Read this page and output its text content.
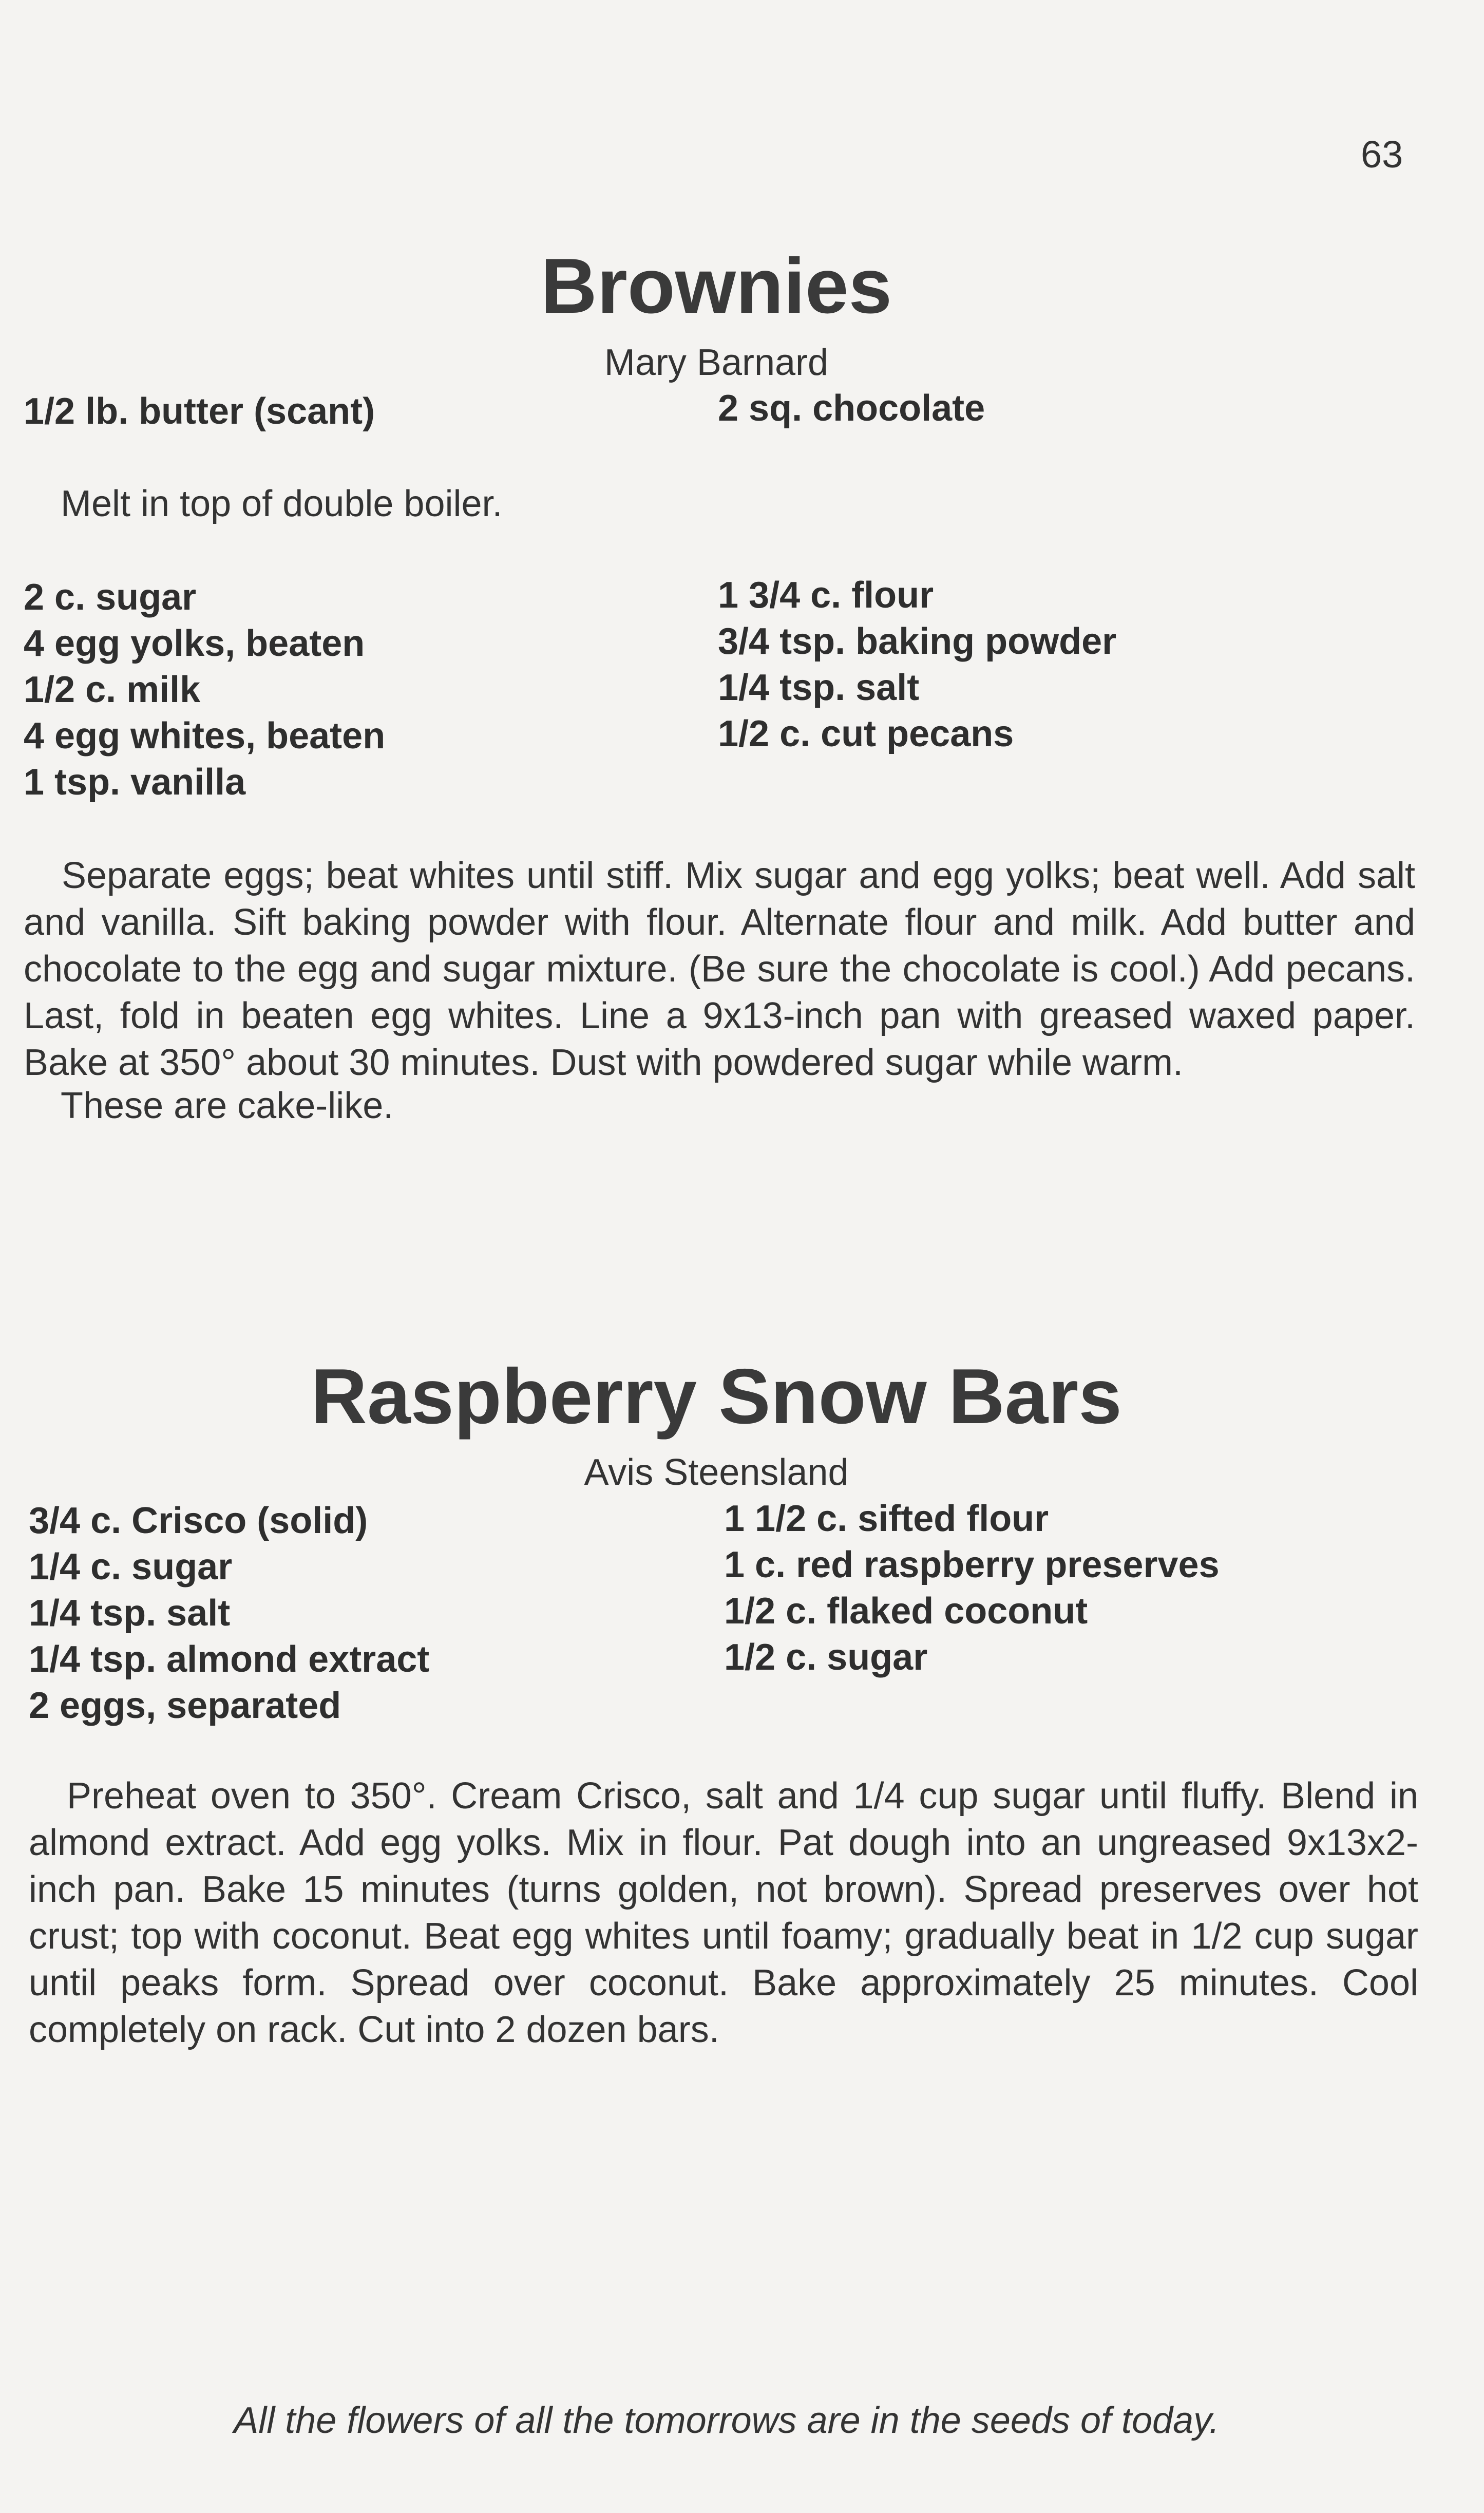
63
Brownies
Mary Barnard
1/2 lb. butter (scant)	2 sq. chocolate

Melt in top of double boiler.

2 c. sugar
4 egg yolks, beaten
1/2 c. milk
4 egg whites, beaten
1 tsp. vanilla
1 3/4 c. flour
3/4 tsp. baking powder
1/4 tsp. salt
1/2 c. cut pecans

Separate eggs; beat whites until stiff. Mix sugar and egg yolks; beat well. Add salt and vanilla. Sift baking powder with flour. Alternate flour and milk. Add butter and chocolate to the egg and sugar mixture. (Be sure the chocolate is cool.) Add pecans. Last, fold in beaten egg whites. Line a 9x13-inch pan with greased waxed paper. Bake at 350° about 30 minutes. Dust with powdered sugar while warm.

These are cake-like.

Raspberry Snow Bars
Avis Steensland
3/4 c. Crisco (solid)
1/4 c. sugar
1/4 tsp. salt
1/4 tsp. almond extract
2 eggs, separated
1 1/2 c. sifted flour
1 c. red raspberry preserves
1/2 c. flaked coconut
1/2 c. sugar

Preheat oven to 350°. Cream Crisco, salt and 1/4 cup sugar until fluffy. Blend in almond extract. Add egg yolks. Mix in flour. Pat dough into an ungreased 9x13x2-inch pan. Bake 15 minutes (turns golden, not brown). Spread preserves over hot crust; top with coconut. Beat egg whites until foamy; gradually beat in 1/2 cup sugar until peaks form. Spread over coconut. Bake approximately 25 minutes. Cool completely on rack. Cut into 2 dozen bars.

All the flowers of all the tomorrows are in the seeds of today.
